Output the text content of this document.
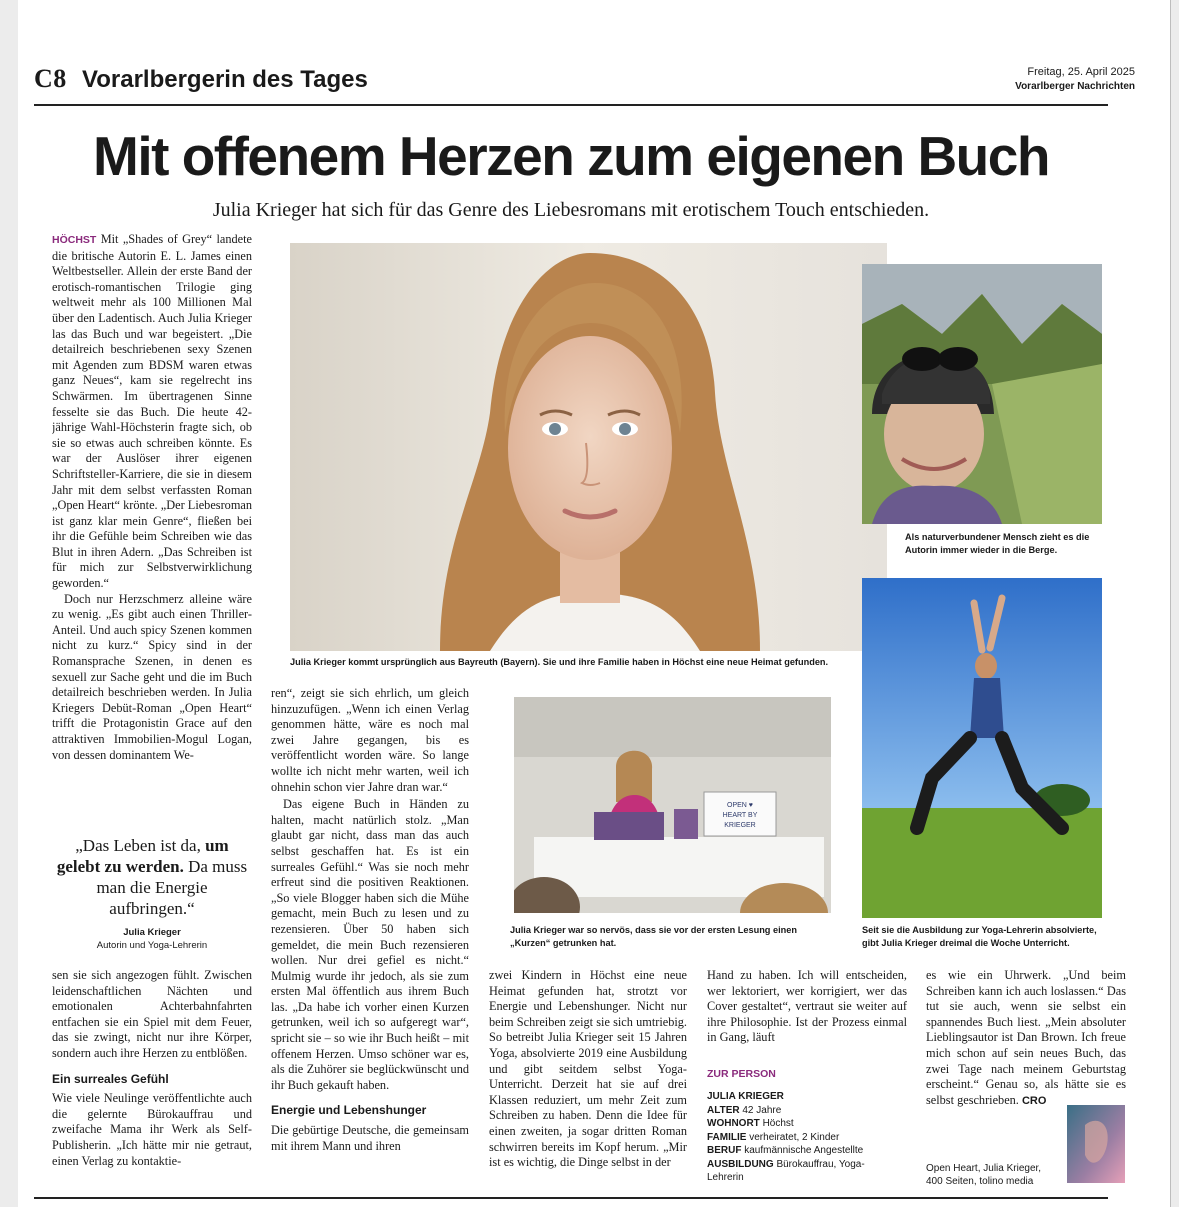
C8 Vorarlbergerin des Tages	Freitag, 25. April 2025
Vorarlberger Nachrichten
Mit offenem Herzen zum eigenen Buch
Julia Krieger hat sich für das Genre des Liebesromans mit erotischem Touch entschieden.

HÖCHST Mit „Shades of Grey“ landete die britische Autorin E. L. James einen Weltbestseller. Allein der erste Band der erotisch-romantischen Trilogie ging weltweit mehr als 100 Millionen Mal über den Ladentisch. Auch Julia Krieger las das Buch und war begeistert. „Die detailreich beschriebenen sexy Szenen mit Agenden zum BDSM waren etwas ganz Neues“, kam sie regelrecht ins Schwärmen. Im übertragenen Sinne fesselte sie das Buch. Die heute 42-jährige Wahl-Höchsterin fragte sich, ob sie so etwas auch schreiben könnte. Es war der Auslöser ihrer eigenen Schriftsteller-Karriere, die sie in diesem Jahr mit dem selbst verfassten Roman „Open Heart“ krönte. „Der Liebesroman ist ganz klar mein Genre“, fließen bei ihr die Gefühle beim Schreiben wie das Blut in ihren Adern. „Das Schreiben ist für mich zur Selbstverwirklichung geworden.“

Doch nur Herzschmerz alleine wäre zu wenig. „Es gibt auch einen Thriller-Anteil. Und auch spicy Szenen kommen nicht zu kurz.“ Spicy sind in der Romansprache Szenen, in denen es sexuell zur Sache geht und die im Buch detailreich beschrieben werden. In Julia Kriegers Debüt-Roman „Open Heart“ trifft die Protagonistin Grace auf den attraktiven Immobilien-Mogul Logan, von dessen dominantem We-

„Das Leben ist da, um gelebt zu werden. Da muss man die Energie aufbringen.“
Julia Krieger
Autorin und Yoga-Lehrerin

sen sie sich angezogen fühlt. Zwischen leidenschaftlichen Nächten und emotionalen Achterbahnfahrten entfachen sie ein Spiel mit dem Feuer, das sie zwingt, nicht nur ihre Körper, sondern auch ihre Herzen zu entblößen.

Ein surreales Gefühl

Wie viele Neulinge veröffentlichte auch die gelernte Bürokauffrau und zweifache Mama ihr Werk als Self-Publisherin. „Ich hätte mir nie getraut, einen Verlag zu kontaktie-

Julia Krieger kommt ursprünglich aus Bayreuth (Bayern). Sie und ihre Familie haben in Höchst eine neue Heimat gefunden.
Als naturverbundener Mensch zieht es die Autorin immer wieder in die Berge.
Seit sie die Ausbildung zur Yoga-Lehrerin absolvierte, gibt Julia Krieger dreimal die Woche Unterricht.

ren“, zeigt sie sich ehrlich, um gleich hinzuzufügen. „Wenn ich einen Verlag genommen hätte, wäre es noch mal zwei Jahre gegangen, bis es veröffentlicht worden wäre. So lange wollte ich nicht mehr warten, weil ich ohnehin schon vier Jahre dran war.“

Das eigene Buch in Händen zu halten, macht natürlich stolz. „Man glaubt gar nicht, dass man das auch selbst geschaffen hat. Es ist ein surreales Gefühl.“ Was sie noch mehr erfreut sind die positiven Reaktionen. „So viele Blogger haben sich die Mühe gemacht, mein Buch zu lesen und zu rezensieren. Über 50 haben sich gemeldet, die mein Buch rezensieren wollen. Nur drei gefiel es nicht.“ Mulmig wurde ihr jedoch, als sie zum ersten Mal öffentlich aus ihrem Buch las. „Da habe ich vorher einen Kurzen getrunken, weil ich so aufgeregt war“, spricht sie – so wie ihr Buch heißt – mit offenem Herzen. Umso schöner war es, als die Zuhörer sie beglückwünscht und ihr Buch gekauft haben.

Energie und Lebenshunger

Die gebürtige Deutsche, die gemeinsam mit ihrem Mann und ihren

OPEN ♥
HEART BY
KRIEGER
Julia Krieger war so nervös, dass sie vor der ersten Lesung einen „Kurzen“ getrunken hat.

zwei Kindern in Höchst eine neue Heimat gefunden hat, strotzt vor Energie und Lebenshunger. Nicht nur beim Schreiben zeigt sie sich umtriebig. So betreibt Julia Krieger seit 15 Jahren Yoga, absolvierte 2019 eine Ausbildung und gibt seitdem selbst Yoga-Unterricht. Derzeit hat sie auf drei Klassen reduziert, um mehr Zeit zum Schreiben zu haben. Denn die Idee für einen zweiten, ja sogar dritten Roman schwirren bereits im Kopf herum. „Mir ist es wichtig, die Dinge selbst in der

Hand zu haben. Ich will entscheiden, wer lektoriert, wer korrigiert, wer das Cover gestaltet“, vertraut sie weiter auf ihre Philosophie. Ist der Prozess einmal in Gang, läuft

ZUR PERSON
JULIA KRIEGER
ALTER 42 Jahre
WOHNORT Höchst
FAMILIE verheiratet, 2 Kinder
BERUF kaufmännische Angestellte
AUSBILDUNG Bürokauffrau, Yoga-Lehrerin

es wie ein Uhrwerk. „Und beim Schreiben kann ich auch loslassen.“ Das tut sie auch, wenn sie selbst ein spannendes Buch liest. „Mein absoluter Lieblingsautor ist Dan Brown. Ich freue mich schon auf sein neues Buch, das zwei Tage nach meinem Geburtstag erscheint.“ Genau so, als hätte sie es selbst geschrieben. CRO

Open Heart, Julia Krieger,
400 Seiten, tolino media
